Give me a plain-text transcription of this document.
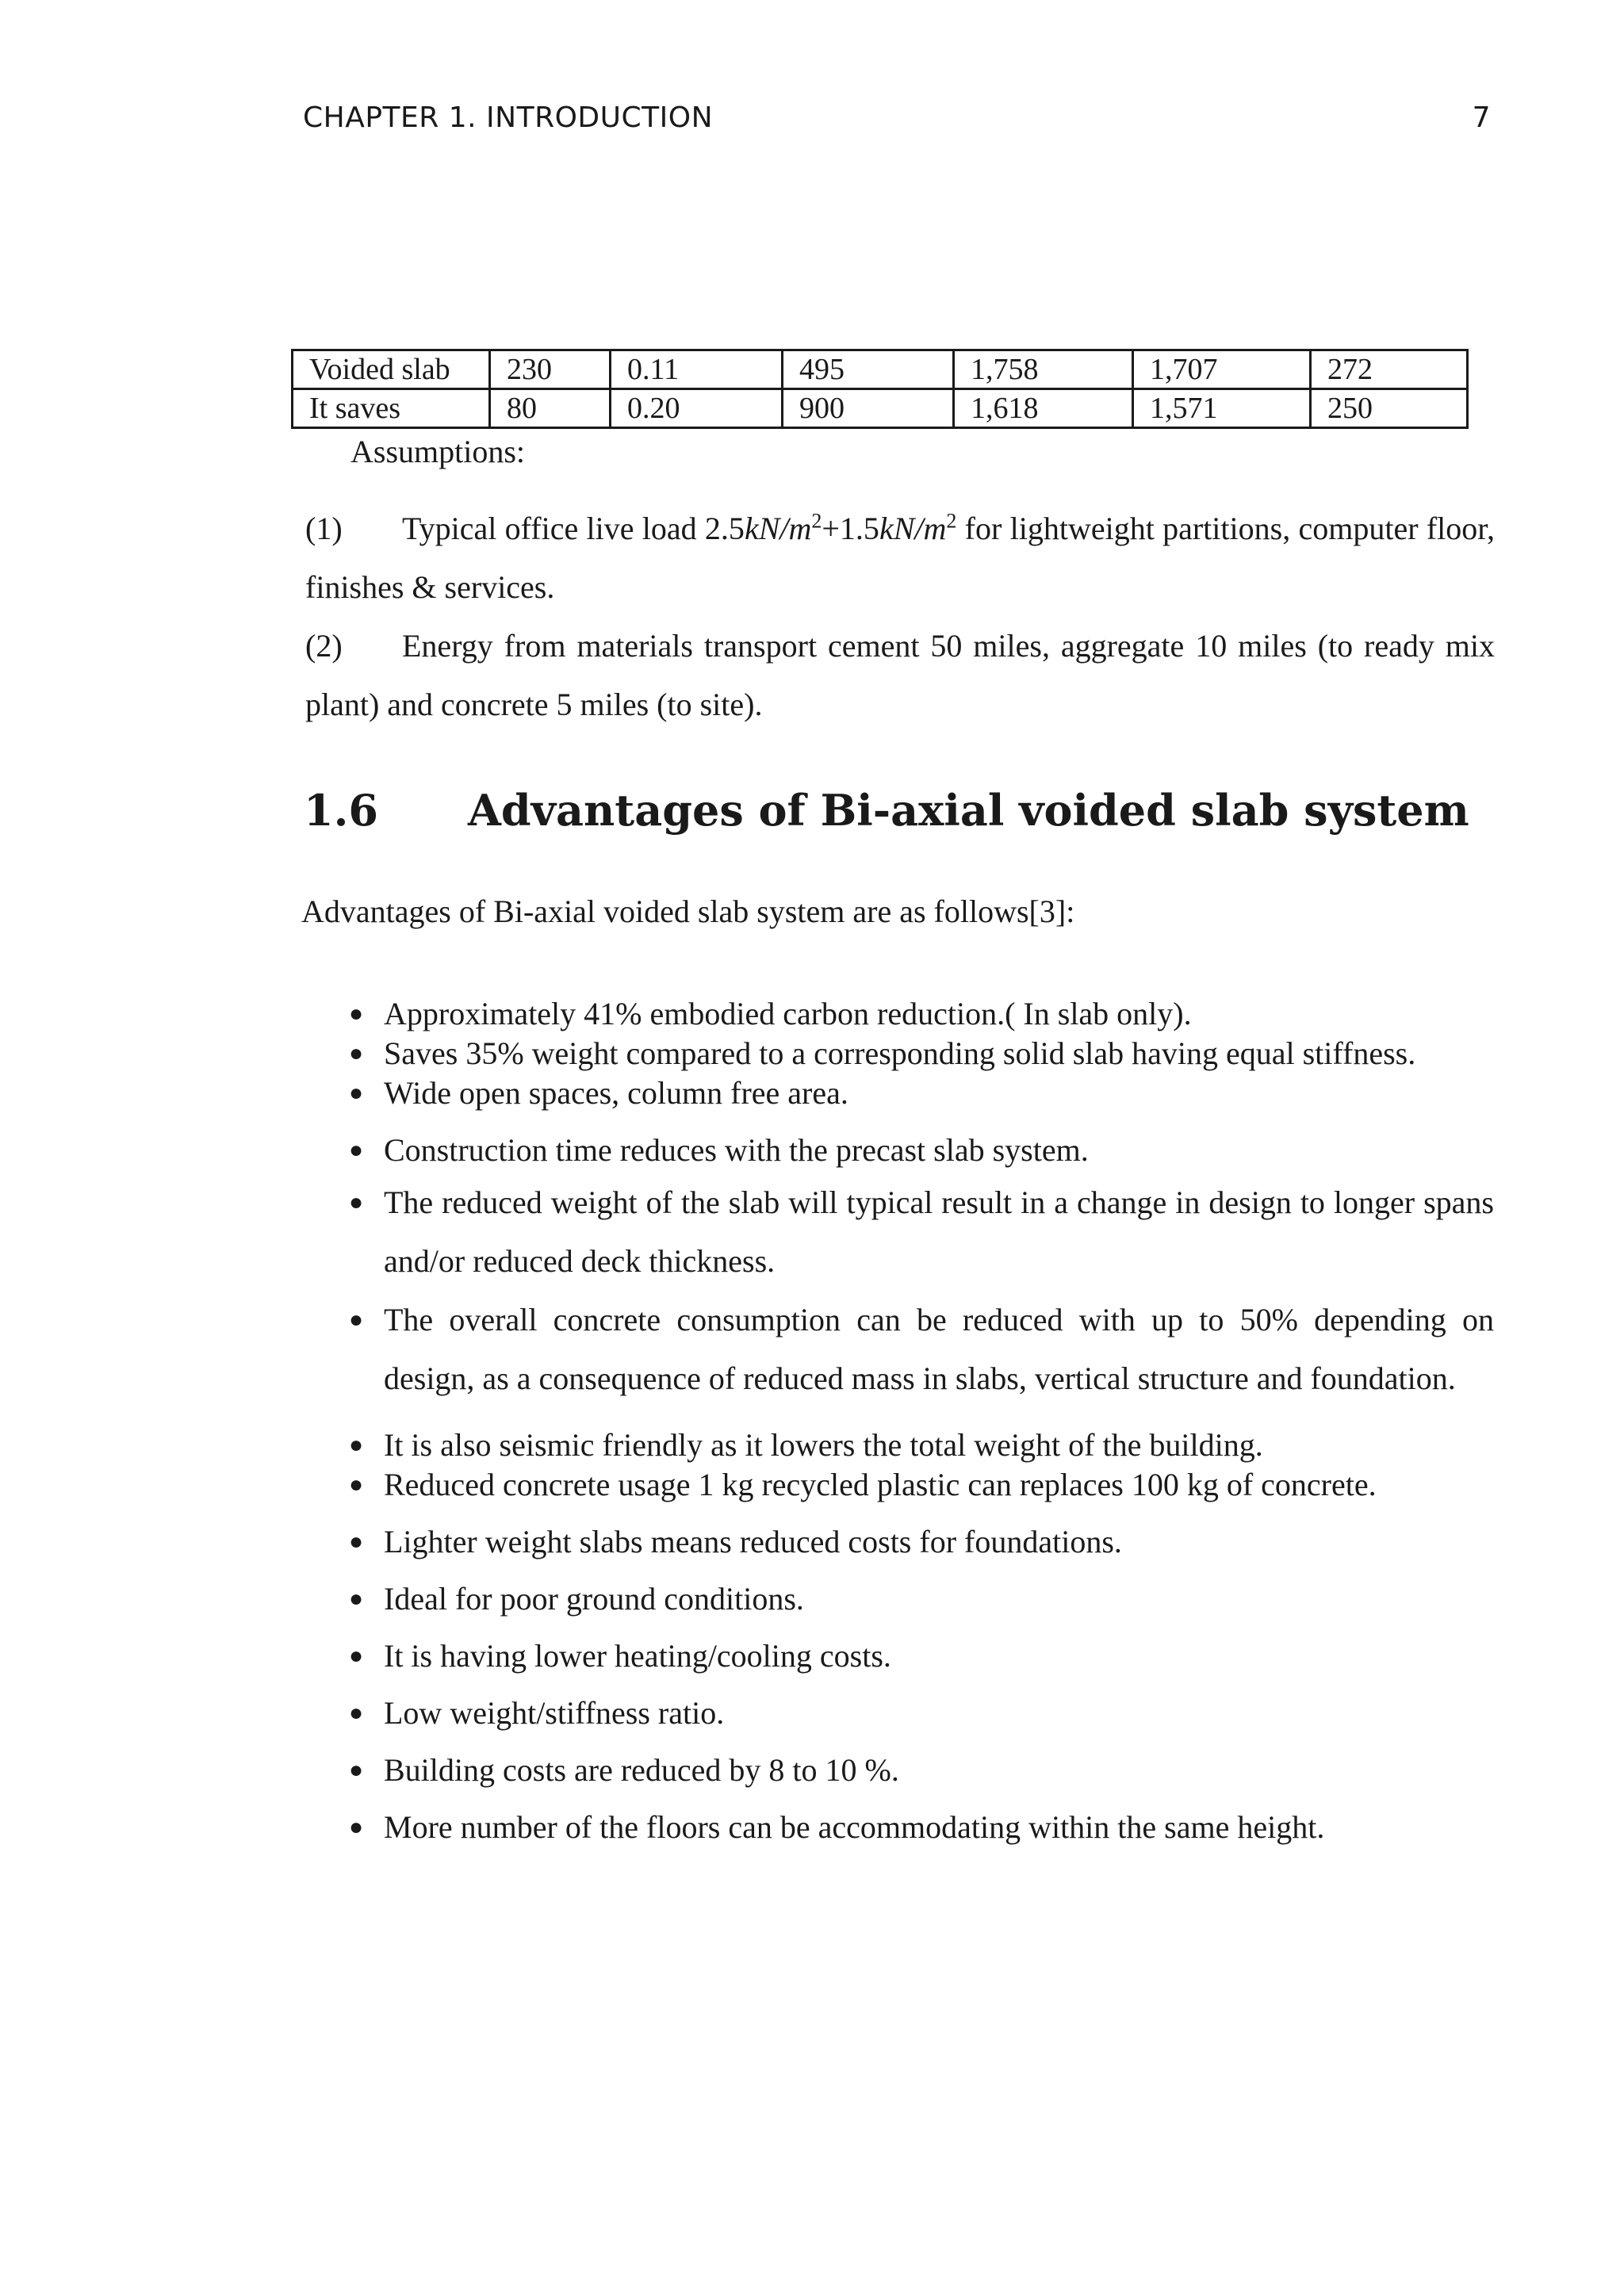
CHAPTER 1. INTRODUCTION	7
Voided slab	230	0.11	495	1,758	1,707	272
It saves	80	0.20	900	1,618	1,571	250
Assumptions:
(1) Typical office live load $2.5kN/m^2+1.5kN/m^2$ for lightweight partitions, computer floor, finishes & services.
(2) Energy from materials transport cement 50 miles, aggregate 10 miles (to ready mix plant) and concrete 5 miles (to site).
1.6	Advantages of Bi-axial voided slab system
Advantages of Bi-axial voided slab system are as follows[3]:
● Approximately 41% embodied carbon reduction.( In slab only).
● Saves 35% weight compared to a corresponding solid slab having equal stiffness.
● Wide open spaces, column free area.
● Construction time reduces with the precast slab system.
● The reduced weight of the slab will typical result in a change in design to longer spans and/or reduced deck thickness.
● The overall concrete consumption can be reduced with up to 50% depending on design, as a consequence of reduced mass in slabs, vertical structure and foundation.
● It is also seismic friendly as it lowers the total weight of the building.
● Reduced concrete usage 1 kg recycled plastic can replaces 100 kg of concrete.
● Lighter weight slabs means reduced costs for foundations.
● Ideal for poor ground conditions.
● It is having lower heating/cooling costs.
● Low weight/stiffness ratio.
● Building costs are reduced by 8 to 10 %.
● More number of the floors can be accommodating within the same height.
